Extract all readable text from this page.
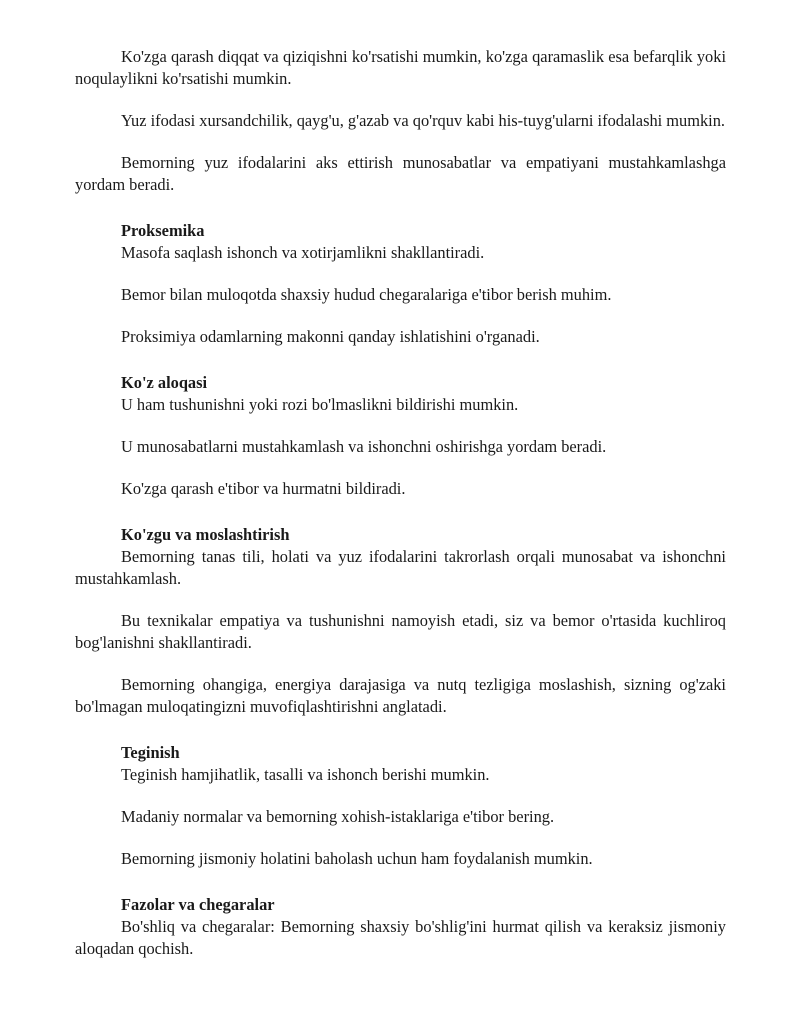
Ko'zga qarash diqqat va qiziqishni ko'rsatishi mumkin, ko'zga qaramaslik esa befarqlik yoki noqulaylikni ko'rsatishi mumkin.

Yuz ifodasi xursandchilik, qayg'u, g'azab va qo'rquv kabi his-tuyg'ularni ifodalashi mumkin.

Bemorning yuz ifodalarini aks ettirish munosabatlar va empatiyani mustahkamlashga yordam beradi.

Proksemika

Masofa saqlash ishonch va xotirjamlikni shakllantiradi.

Bemor bilan muloqotda shaxsiy hudud chegaralariga e'tibor berish muhim.

Proksimiya odamlarning makonni qanday ishlatishini o'rganadi.

Ko'z aloqasi

U ham tushunishni yoki rozi bo'lmaslikni bildirishi mumkin.

U munosabatlarni mustahkamlash va ishonchni oshirishga yordam beradi.

Ko'zga qarash e'tibor va hurmatni bildiradi.

Ko'zgu va moslashtirish

Bemorning tanas tili, holati va yuz ifodalarini takrorlash orqali munosabat va ishonchni mustahkamlash.

Bu texnikalar empatiya va tushunishni namoyish etadi, siz va bemor o'rtasida kuchliroq bog'lanishni shakllantiradi.

Bemorning ohangiga, energiya darajasiga va nutq tezligiga moslashish, sizning og'zaki bo'lmagan muloqatingizni muvofiqlashtirishni anglatadi.

Teginish

Teginish hamjihatlik, tasalli va ishonch berishi mumkin.

Madaniy normalar va bemorning xohish-istaklariga e'tibor bering.

Bemorning jismoniy holatini baholash uchun ham foydalanish mumkin.

Fazolar va chegaralar

Bo'shliq va chegaralar: Bemorning shaxsiy bo'shlig'ini hurmat qilish va keraksiz jismoniy aloqadan qochish.
